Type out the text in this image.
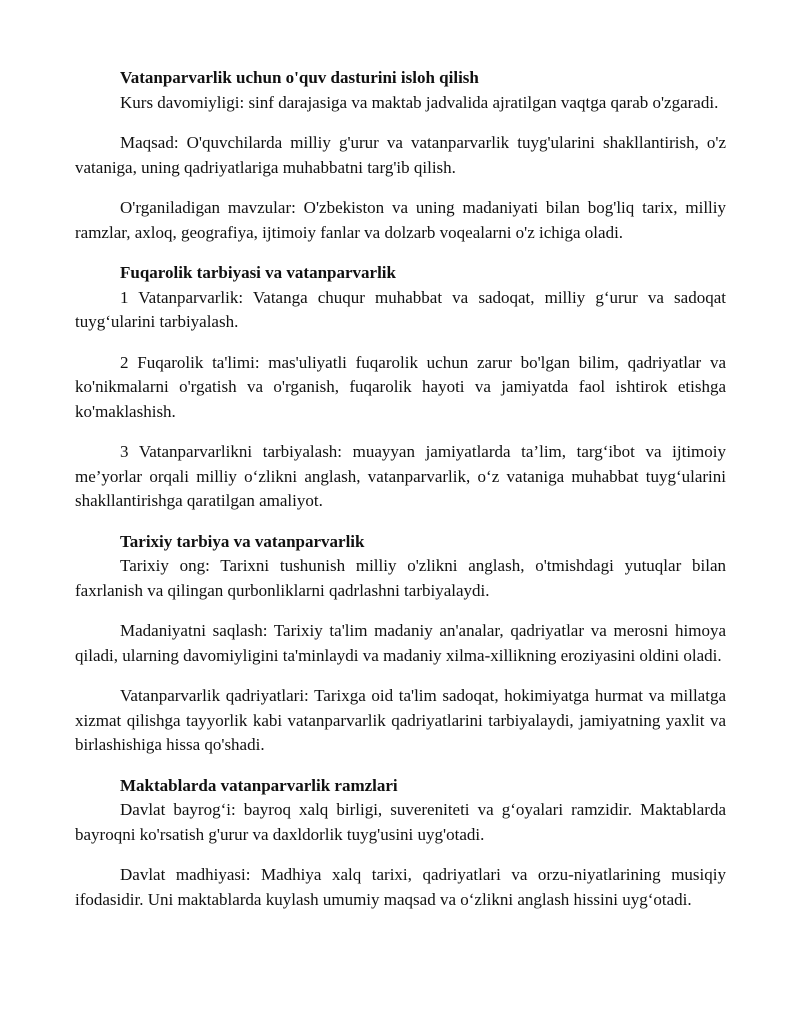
Vatanparvarlik uchun o'quv dasturini isloh qilish

Kurs davomiyligi: sinf darajasiga va maktab jadvalida ajratilgan vaqtga qarab o'zgaradi.

Maqsad: O'quvchilarda milliy g'urur va vatanparvarlik tuyg'ularini shakllantirish, o'z vataniga, uning qadriyatlariga muhabbatni targ'ib qilish.

O'rganiladigan mavzular: O'zbekiston va uning madaniyati bilan bog'liq tarix, milliy ramzlar, axloq, geografiya, ijtimoiy fanlar va dolzarb voqealarni o'z ichiga oladi.

Fuqarolik tarbiyasi va vatanparvarlik

1 Vatanparvarlik: Vatanga chuqur muhabbat va sadoqat, milliy g‘urur va sadoqat tuyg‘ularini tarbiyalash.

2 Fuqarolik ta'limi: mas'uliyatli fuqarolik uchun zarur bo'lgan bilim, qadriyatlar va ko'nikmalarni o'rgatish va o'rganish, fuqarolik hayoti va jamiyatda faol ishtirok etishga ko'maklashish.

3 Vatanparvarlikni tarbiyalash: muayyan jamiyatlarda ta’lim, targ‘ibot va ijtimoiy me’yorlar orqali milliy o‘zlikni anglash, vatanparvarlik, o‘z vataniga muhabbat tuyg‘ularini shakllantirishga qaratilgan amaliyot.

Tarixiy tarbiya va vatanparvarlik

Tarixiy ong: Tarixni tushunish milliy o'zlikni anglash, o'tmishdagi yutuqlar bilan faxrlanish va qilingan qurbonliklarni qadrlashni tarbiyalaydi.

Madaniyatni saqlash: Tarixiy ta'lim madaniy an'analar, qadriyatlar va merosni himoya qiladi, ularning davomiyligini ta'minlaydi va madaniy xilma-xillikning eroziyasini oldini oladi.

Vatanparvarlik qadriyatlari: Tarixga oid ta'lim sadoqat, hokimiyatga hurmat va millatga xizmat qilishga tayyorlik kabi vatanparvarlik qadriyatlarini tarbiyalaydi, jamiyatning yaxlit va birlashishiga hissa qo'shadi.

Maktablarda vatanparvarlik ramzlari

Davlat bayrog‘i: bayroq xalq birligi, suvereniteti va g‘oyalari ramzidir. Maktablarda bayroqni ko'rsatish g'urur va daxldorlik tuyg'usini uyg'otadi.

Davlat madhiyasi: Madhiya xalq tarixi, qadriyatlari va orzu-niyatlarining musiqiy ifodasidir. Uni maktablarda kuylash umumiy maqsad va o‘zlikni anglash hissini uyg‘otadi.
